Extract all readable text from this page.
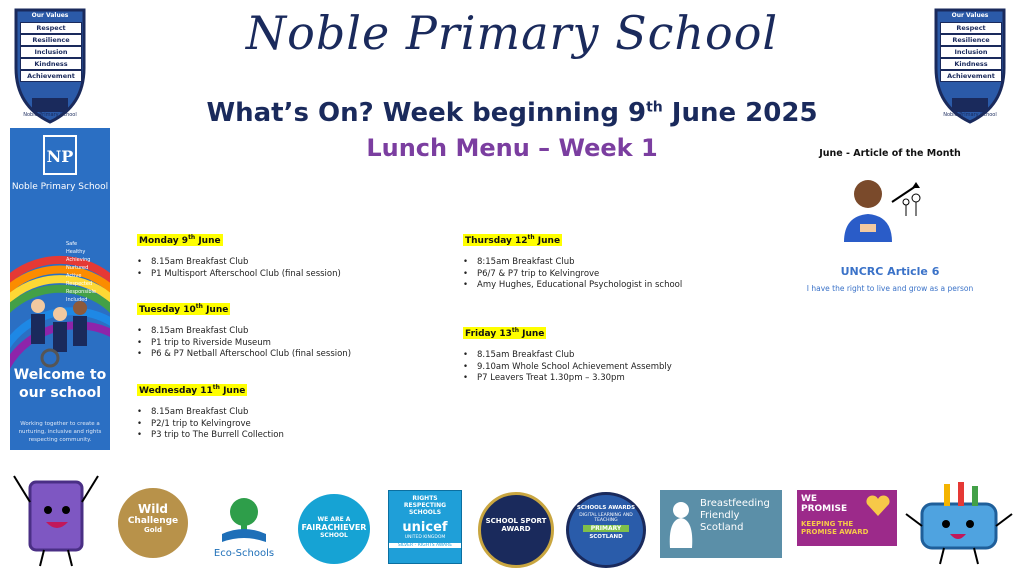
Noble Primary School
What’s On? Week beginning 9th June 2025
Lunch Menu – Week 1
Our Values
Respect
Resilience
Inclusion
Kindness
Achievement
Noble Primary School
Our Values
Respect
Resilience
Inclusion
Kindness
Achievement
Noble Primary School
NP
Noble Primary School
Safe
Healthy
Achieving
Nurtured
Active
Respected
Responsible
Included
Welcome to our school
Working together to create a nurturing, inclusive and rights respecting community.
Monday 9th June
• 8.15am Breakfast Club
• P1 Multisport Afterschool Club (final session)
Tuesday 10th June
• 8.15am Breakfast Club
• P1 trip to Riverside Museum
• P6 & P7 Netball Afterschool Club (final session)
Wednesday 11th June
• 8.15am Breakfast Club
• P2/1 trip to Kelvingrove
• P3 trip to The Burrell Collection
Thursday 12th June
• 8:15am Breakfast Club
• P6/7 & P7 trip to Kelvingrove
• Amy Hughes, Educational Psychologist in school
Friday 13th June
• 8.15am Breakfast Club
• 9.10am Whole School Achievement Assembly
• P7 Leavers Treat 1.30pm – 3.30pm
June - Article of the Month
UNCRC Article 6
I have the right to live and grow as a person
Wild
Challenge
Gold
Eco-Schools
WE ARE A
FAIRACHIEVER
SCHOOL
RIGHTS
RESPECTING
SCHOOLS
unicef
UNITED KINGDOM
SILVER - RIGHTS AWARE
SCHOOL SPORT
AWARD
SCHOOLS AWARDS
DIGITAL LEARNING AND TEACHING
PRIMARY
SCOTLAND
Breastfeeding
Friendly
Scotland
WE
PROMISE
KEEPING THE
PROMISE AWARD
